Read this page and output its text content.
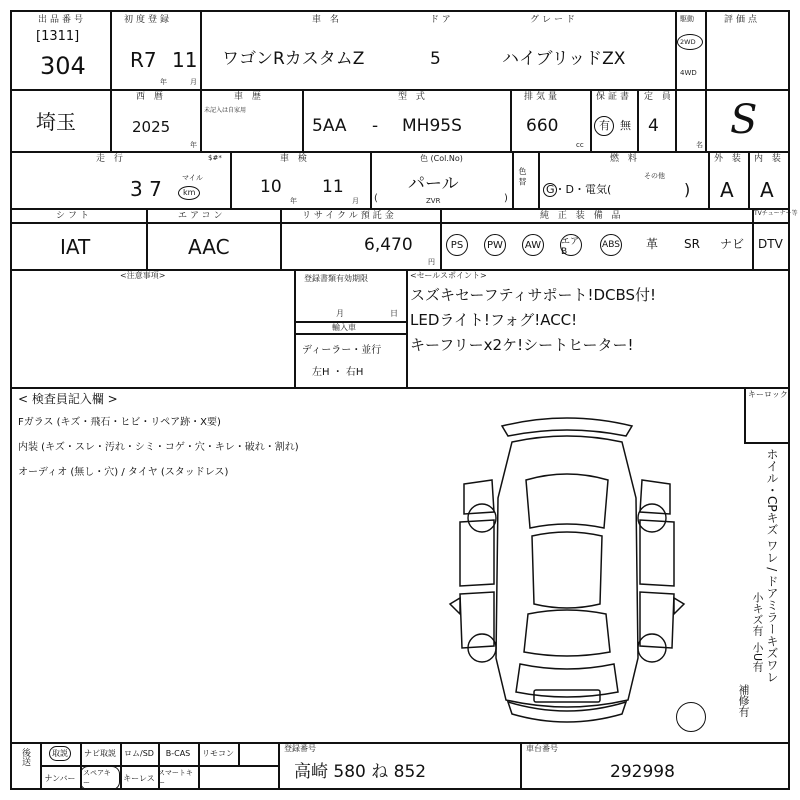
出品番号
[1311]
304
初度登録
R7 11
年	月
車 名
ワゴンRカスタムZ
ドア
5
グレード
ハイブリッドZX
駆動
2WD
4WD
評価点
S
埼玉
西 暦
2025
年
車 歴
未記入は自家用
型 式
5AA - MH95S
排気量
660
cc
保証書
有 無
定 員
4
名
走 行	$#*
3 7	マイル
km
車 検
10
年
11
月
色 (Col.No)
パール
ZVR
(	)
色 替
燃 料
G・D・電気(
その他
)
外 装
A
内 装
A
シフト
IAT
エアコン
AAC
リサイクル預託金
6,470
円
純 正 装 備 品	TVチューナー等
PS	PW	AW	エアB
ABS 革 SR ナビ DTV
<注意事項>	登録書類有効期限
月	日
輸入車
ディーラー・並行
左H ・ 右H
<セールスポイント>
スズキセーフティサポート!DCBS付!
LEDライト!フォグ!ACC!
キーフリーx2ケ!シートヒーター!
< 検査員記入欄 >
Fガラス (キズ・飛石・ヒビ・リペア跡・X要)
内装 (キズ・スレ・汚れ・シミ・コゲ・穴・キレ・破れ・割れ)
オーディオ (無し・穴) / タイヤ (スタッドレス)
キーロック
ホイル・CPキズ ワレ / ドアミラーキズワレ
小キズ有
小U有
補修有
後送	取説	ナビ取説	ロム/SD	B-CAS	リモコン
ナンバー
スペアキー
キーレス
スマートキー
登録番号
高崎 580 ね 852
車台番号
292998
